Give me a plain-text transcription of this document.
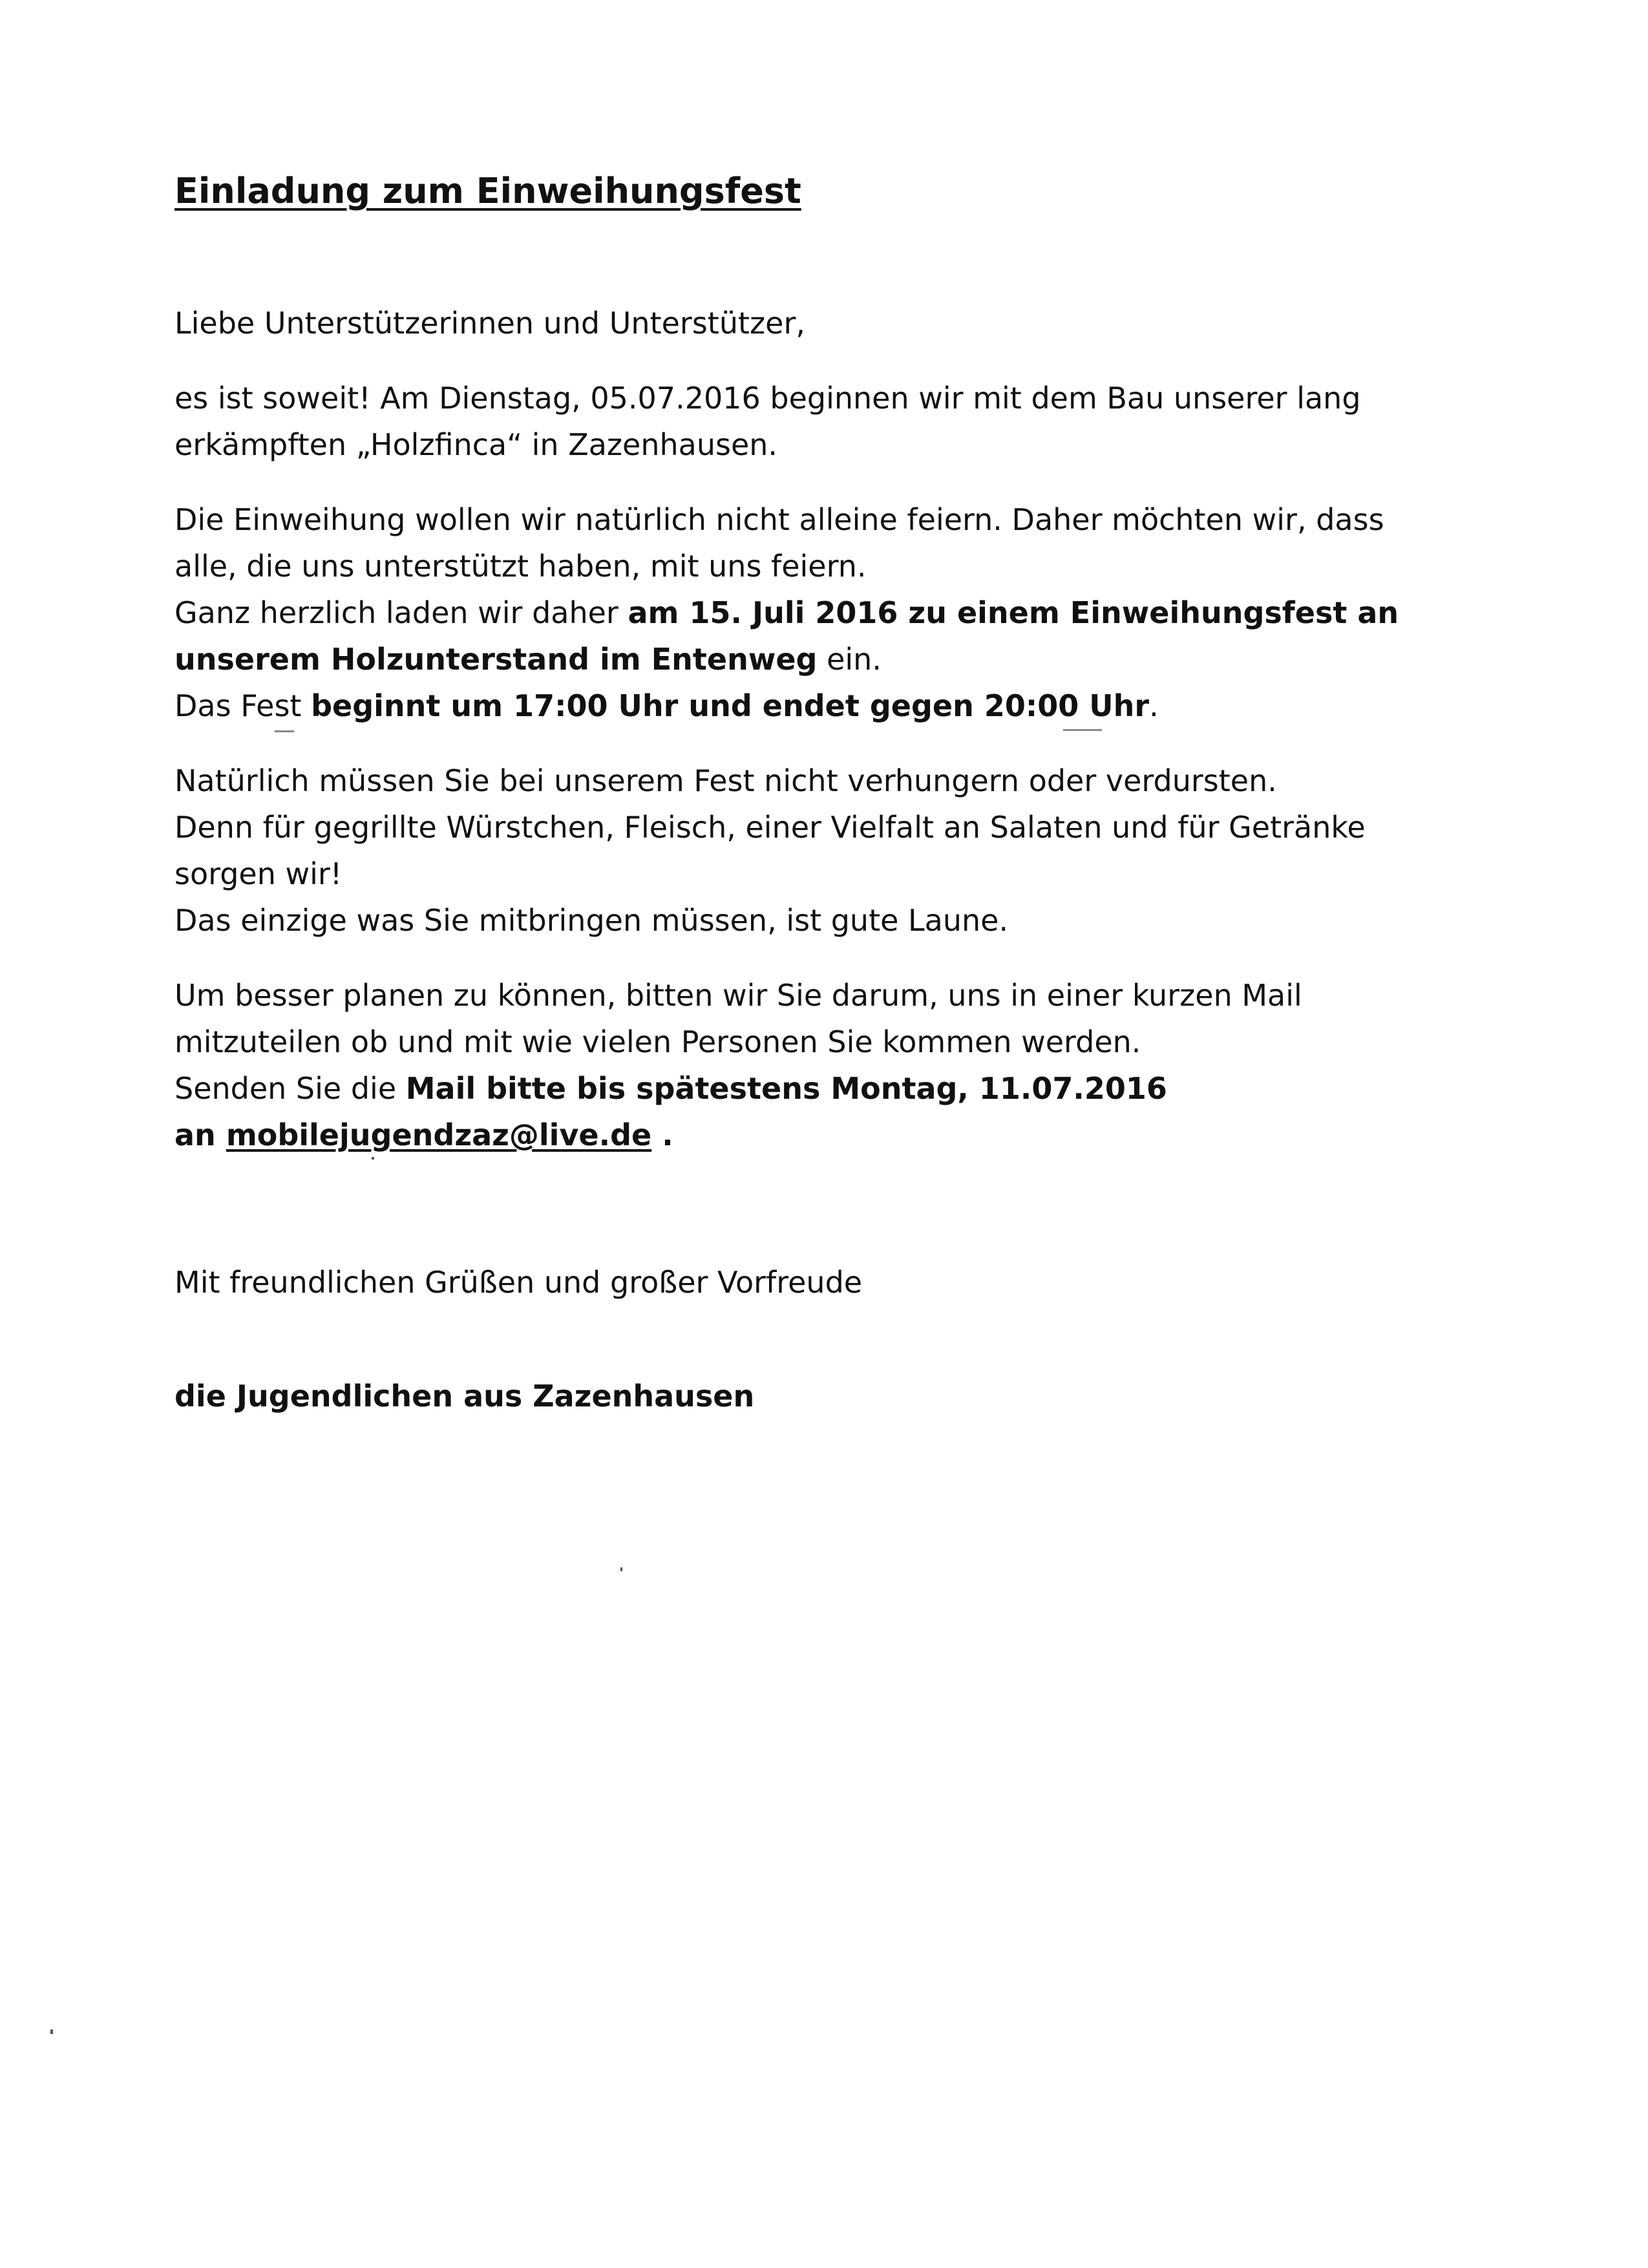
Einladung zum Einweihungsfest
Liebe Unterstützerinnen und Unterstützer,
es ist soweit! Am Dienstag, 05.07.2016 beginnen wir mit dem Bau unserer lang
erkämpften „Holzfinca“ in Zazenhausen.
Die Einweihung wollen wir natürlich nicht alleine feiern. Daher möchten wir, dass
alle, die uns unterstützt haben, mit uns feiern.
Ganz herzlich laden wir daher am 15. Juli 2016 zu einem Einweihungsfest an
unserem Holzunterstand im Entenweg ein.
Das Fest beginnt um 17:00 Uhr und endet gegen 20:00 Uhr.
Natürlich müssen Sie bei unserem Fest nicht verhungern oder verdursten.
Denn für gegrillte Würstchen, Fleisch, einer Vielfalt an Salaten und für Getränke
sorgen wir!
Das einzige was Sie mitbringen müssen, ist gute Laune.
Um besser planen zu können, bitten wir Sie darum, uns in einer kurzen Mail
mitzuteilen ob und mit wie vielen Personen Sie kommen werden.
Senden Sie die Mail bitte bis spätestens Montag, 11.07.2016
an mobilejugendzaz@live.de .
Mit freundlichen Grüßen und großer Vorfreude
die Jugendlichen aus Zazenhausen
